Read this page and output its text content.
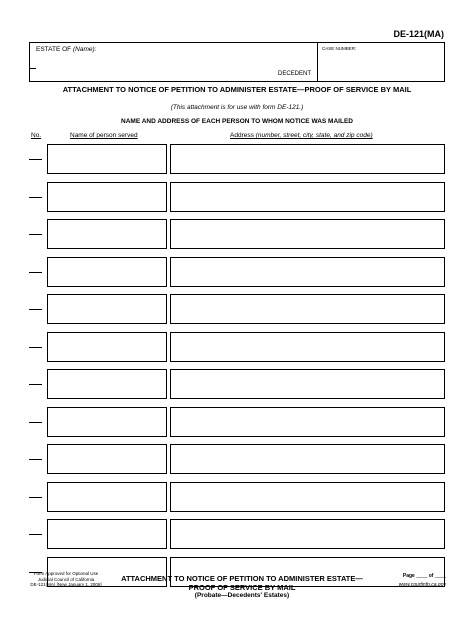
DE-121(MA)
ESTATE OF (Name):	CASE NUMBER:
DECEDENT
ATTACHMENT TO NOTICE OF PETITION TO ADMINISTER ESTATE—PROOF OF SERVICE BY MAIL
(This attachment is for use with form DE-121.)
NAME AND ADDRESS OF EACH PERSON TO WHOM NOTICE WAS MAILED
No.	Name of person served	Address (number, street, city, state, and zip code)
Form Approved for Optional Use
Judicial Council of California
DE-121(MA) [New January 1, 2006]
ATTACHMENT TO NOTICE OF PETITION TO ADMINISTER ESTATE—
PROOF OF SERVICE BY MAIL
(Probate—Decedents' Estates)
Page ____ of ____
www.courtinfo.ca.gov
